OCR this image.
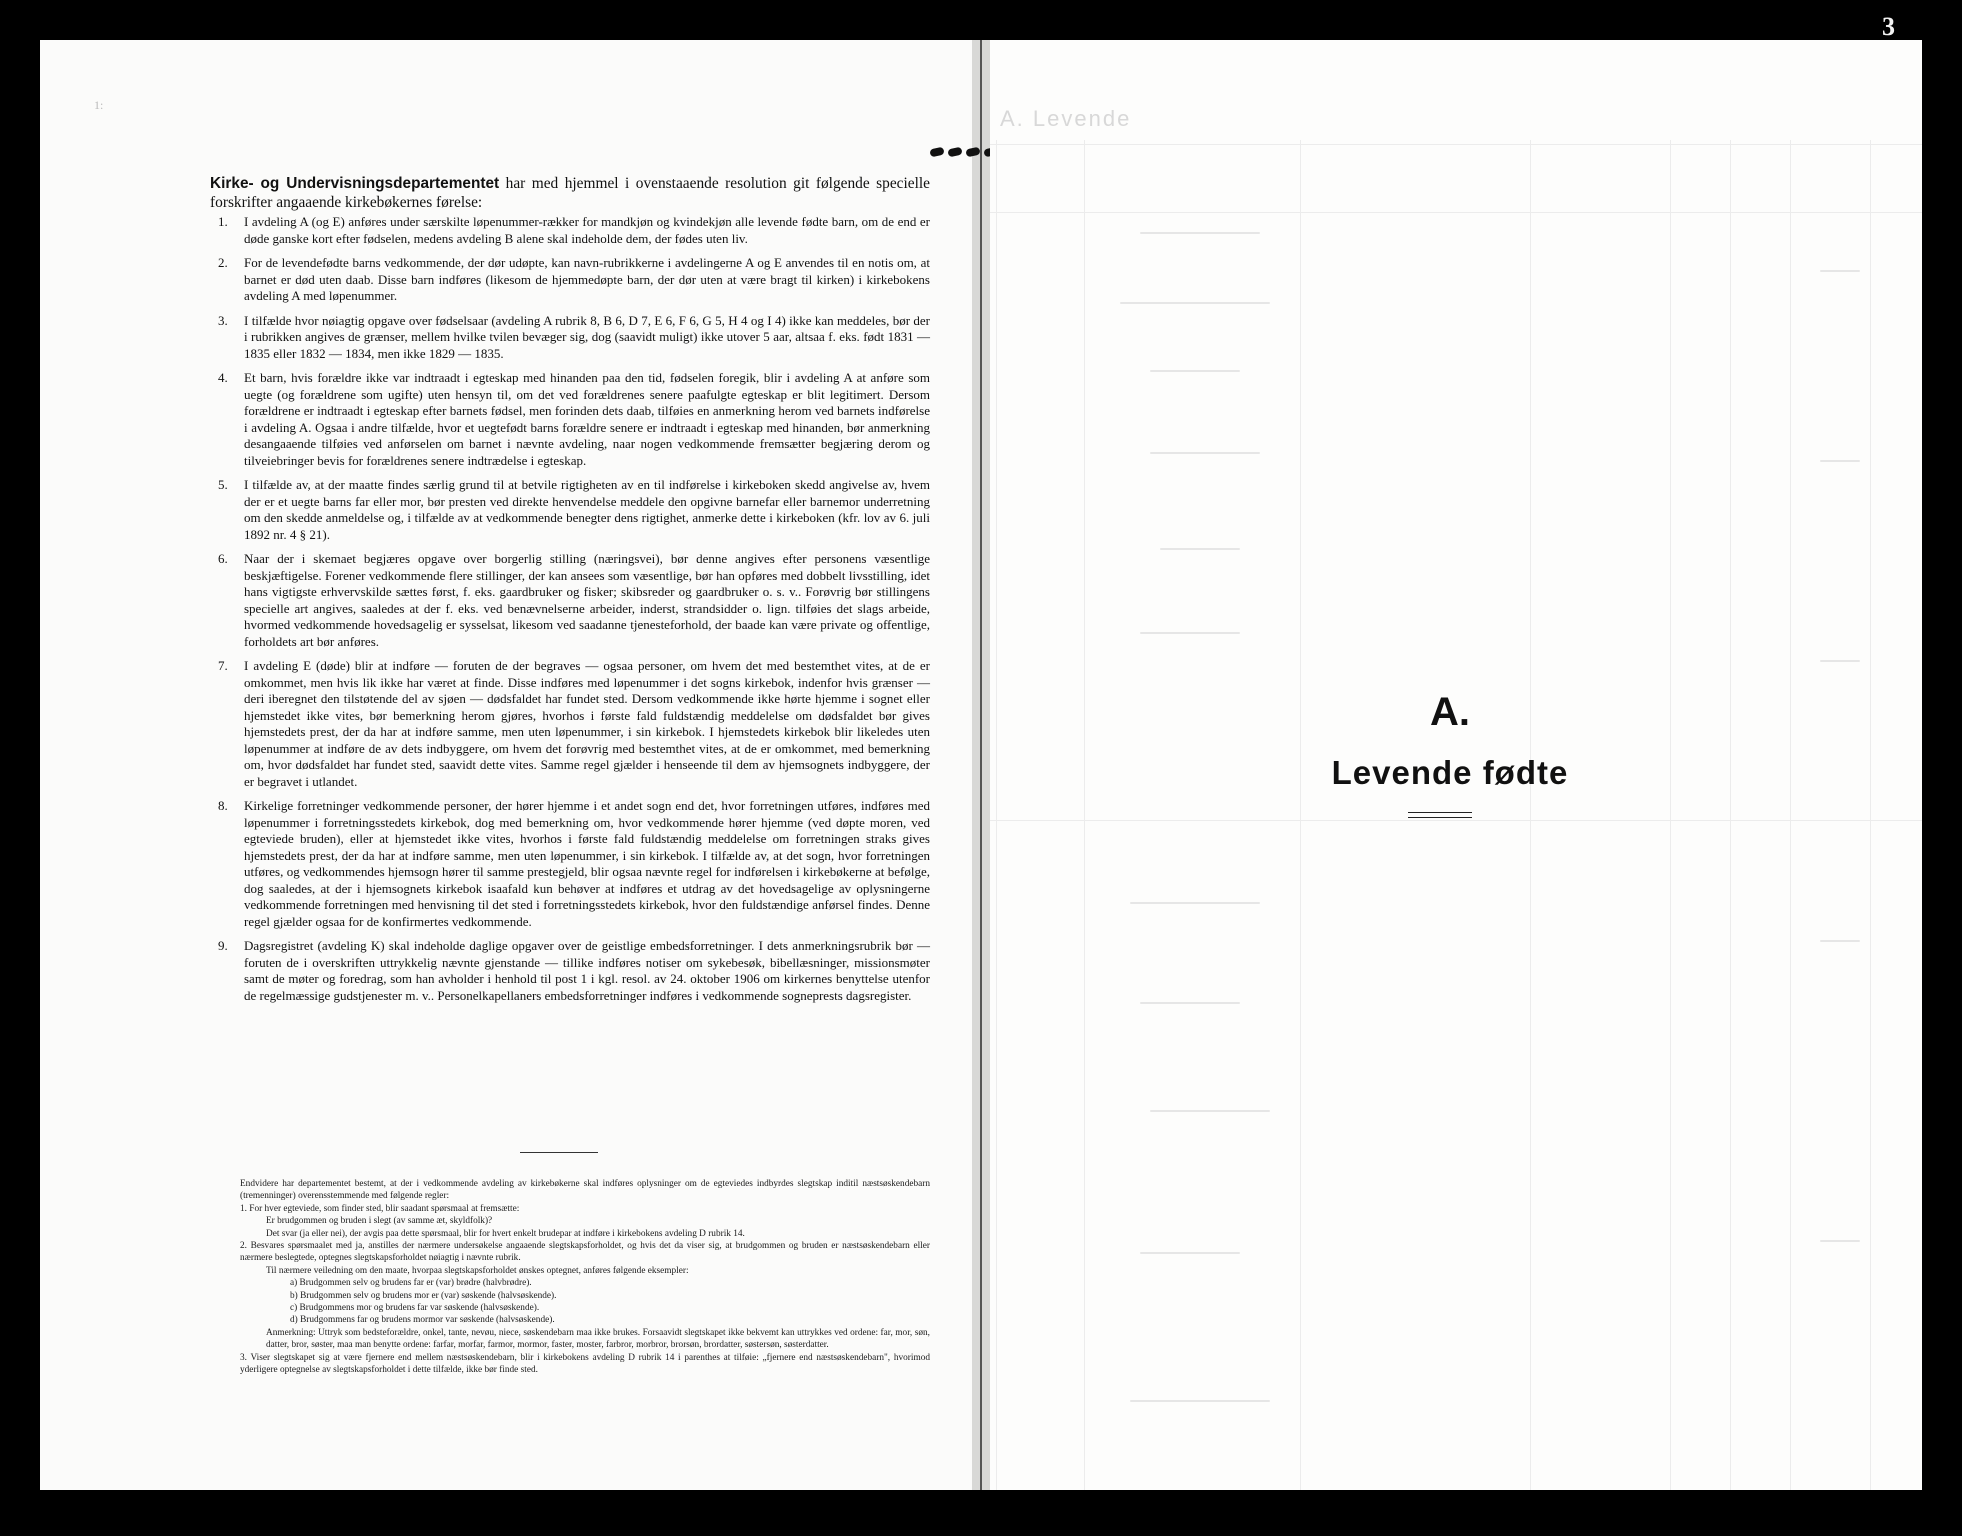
1:
Kirke- og Undervisningsdepartementet har med hjemmel i ovenstaaende resolution git følgende specielle forskrifter angaaende kirkebøkernes førelse:
1. I avdeling A (og E) anføres under særskilte løpenummer-rækker for mandkjøn og kvindekjøn alle levende fødte barn, om de end er døde ganske kort efter fødselen, medens avdeling B alene skal indeholde dem, der fødes uten liv.
2. For de levendefødte barns vedkommende, der dør udøpte, kan navn-rubrikkerne i avdelingerne A og E anvendes til en notis om, at barnet er død uten daab. Disse barn indføres (likesom de hjemmedøpte barn, der dør uten at være bragt til kirken) i kirkebokens avdeling A med løpenummer.
3. I tilfælde hvor nøiagtig opgave over fødselsaar (avdeling A rubrik 8, B 6, D 7, E 6, F 6, G 5, H 4 og I 4) ikke kan meddeles, bør der i rubrikken angives de grænser, mellem hvilke tvilen bevæger sig, dog (saavidt muligt) ikke utover 5 aar, altsaa f. eks. født 1831 — 1835 eller 1832 — 1834, men ikke 1829 — 1835.
4. Et barn, hvis forældre ikke var indtraadt i egteskap med hinanden paa den tid, fødselen foregik, blir i avdeling A at anføre som uegte (og forældrene som ugifte) uten hensyn til, om det ved forældrenes senere paafulgte egteskap er blit legitimert. Dersom forældrene er indtraadt i egteskap efter barnets fødsel, men forinden dets daab, tilføies en anmerkning herom ved barnets indførelse i avdeling A. Ogsaa i andre tilfælde, hvor et uegtefødt barns forældre senere er indtraadt i egteskap med hinanden, bør anmerkning desangaaende tilføies ved anførselen om barnet i nævnte avdeling, naar nogen vedkommende fremsætter begjæring derom og tilveiebringer bevis for forældrenes senere indtrædelse i egteskap.
5. I tilfælde av, at der maatte findes særlig grund til at betvile rigtigheten av en til indførelse i kirkeboken skedd angivelse av, hvem der er et uegte barns far eller mor, bør presten ved direkte henvendelse meddele den opgivne barnefar eller barnemor underretning om den skedde anmeldelse og, i tilfælde av at vedkommende benegter dens rigtighet, anmerke dette i kirkeboken (kfr. lov av 6. juli 1892 nr. 4 § 21).
6. Naar der i skemaet begjæres opgave over borgerlig stilling (næringsvei), bør denne angives efter personens væsentlige beskjæftigelse. Forener vedkommende flere stillinger, der kan ansees som væsentlige, bør han opføres med dobbelt livsstilling, idet hans vigtigste erhvervskilde sættes først, f. eks. gaardbruker og fisker; skibsreder og gaardbruker o. s. v.. Forøvrig bør stillingens specielle art angives, saaledes at der f. eks. ved benævnelserne arbeider, inderst, strandsidder o. lign. tilføies det slags arbeide, hvormed vedkommende hovedsagelig er sysselsat, likesom ved saadanne tjenesteforhold, der baade kan være private og offentlige, forholdets art bør anføres.
7. I avdeling E (døde) blir at indføre — foruten de der begraves — ogsaa personer, om hvem det med bestemthet vites, at de er omkommet, men hvis lik ikke har været at finde. Disse indføres med løpenummer i det sogns kirkebok, indenfor hvis grænser — deri iberegnet den tilstøtende del av sjøen — dødsfaldet har fundet sted. Dersom vedkommende ikke hørte hjemme i sognet eller hjemstedet ikke vites, bør bemerkning herom gjøres, hvorhos i første fald fuldstændig meddelelse om dødsfaldet bør gives hjemstedets prest, der da har at indføre samme, men uten løpenummer, i sin kirkebok. I hjemstedets kirkebok blir likeledes uten løpenummer at indføre de av dets indbyggere, om hvem det forøvrig med bestemthet vites, at de er omkommet, med bemerkning om, hvor dødsfaldet har fundet sted, saavidt dette vites. Samme regel gjælder i henseende til dem av hjemsognets indbyggere, der er begravet i utlandet.
8. Kirkelige forretninger vedkommende personer, der hører hjemme i et andet sogn end det, hvor forretningen utføres, indføres med løpenummer i forretningsstedets kirkebok, dog med bemerkning om, hvor vedkommende hører hjemme (ved døpte moren, ved egteviede bruden), eller at hjemstedet ikke vites, hvorhos i første fald fuldstændig meddelelse om forretningen straks gives hjemstedets prest, der da har at indføre samme, men uten løpenummer, i sin kirkebok. I tilfælde av, at det sogn, hvor forretningen utføres, og vedkommendes hjemsogn hører til samme prestegjeld, blir ogsaa nævnte regel for indførelsen i kirkebøkerne at befølge, dog saaledes, at der i hjemsognets kirkebok isaafald kun behøver at indføres et utdrag av det hovedsagelige av oplysningerne vedkommende forretningen med henvisning til det sted i forretningsstedets kirkebok, hvor den fuldstændige anførsel findes. Denne regel gjælder ogsaa for de konfirmertes vedkommende.
9. Dagsregistret (avdeling K) skal indeholde daglige opgaver over de geistlige embedsforretninger. I dets anmerkningsrubrik bør — foruten de i overskriften uttrykkelig nævnte gjenstande — tillike indføres notiser om sykebesøk, bibellæsninger, missionsmøter samt de møter og foredrag, som han avholder i henhold til post 1 i kgl. resol. av 24. oktober 1906 om kirkernes benyttelse utenfor de regelmæssige gudstjenester m. v.. Personelkapellaners embedsforretninger indføres i vedkommende sogneprests dagsregister.

Endvidere har departementet bestemt, at der i vedkommende avdeling av kirkebøkerne skal indføres oplysninger om de egteviedes indbyrdes slegtskap inditil næstsøskendebarn (tremenninger) overensstemmende med følgende regler:

1. For hver egteviede, som finder sted, blir saadant spørsmaal at fremsætte:

Er brudgommen og bruden i slegt (av samme æt, skyldfolk)?

Det svar (ja eller nei), der avgis paa dette spørsmaal, blir for hvert enkelt brudepar at indføre i kirkebokens avdeling D rubrik 14.

2. Besvares spørsmaalet med ja, anstilles der nærmere undersøkelse angaaende slegtskapsforholdet, og hvis det da viser sig, at brudgommen og bruden er næstsøskendebarn eller nærmere beslegtede, optegnes slegtskapsforholdet nøiagtig i nævnte rubrik.

Til nærmere veiledning om den maate, hvorpaa slegtskapsforholdet ønskes optegnet, anføres følgende eksempler:

a) Brudgommen selv og brudens far er (var) brødre (halvbrødre).

b) Brudgommen selv og brudens mor er (var) søskende (halvsøskende).

c) Brudgommens mor og brudens far var søskende (halvsøskende).

d) Brudgommens far og brudens mormor var søskende (halvsøskende).

Anmerkning: Uttryk som bedsteforældre, onkel, tante, nevøu, niece, søskendebarn maa ikke brukes. Forsaavidt slegtskapet ikke bekvemt kan uttrykkes ved ordene: far, mor, søn, datter, bror, søster, maa man benytte ordene: farfar, morfar, farmor, mormor, faster, moster, farbror, morbror, brorsøn, brordatter, søstersøn, søsterdatter.

3. Viser slegtskapet sig at være fjernere end mellem næstsøskendebarn, blir i kirkebokens avdeling D rubrik 14 i parenthes at tilføie: „fjernere end næstsøskendebarn", hvorimod yderligere optegnelse av slegtskapsforholdet i dette tilfælde, ikke bør finde sted.

A. Levende
A.
Levende fødte
3
